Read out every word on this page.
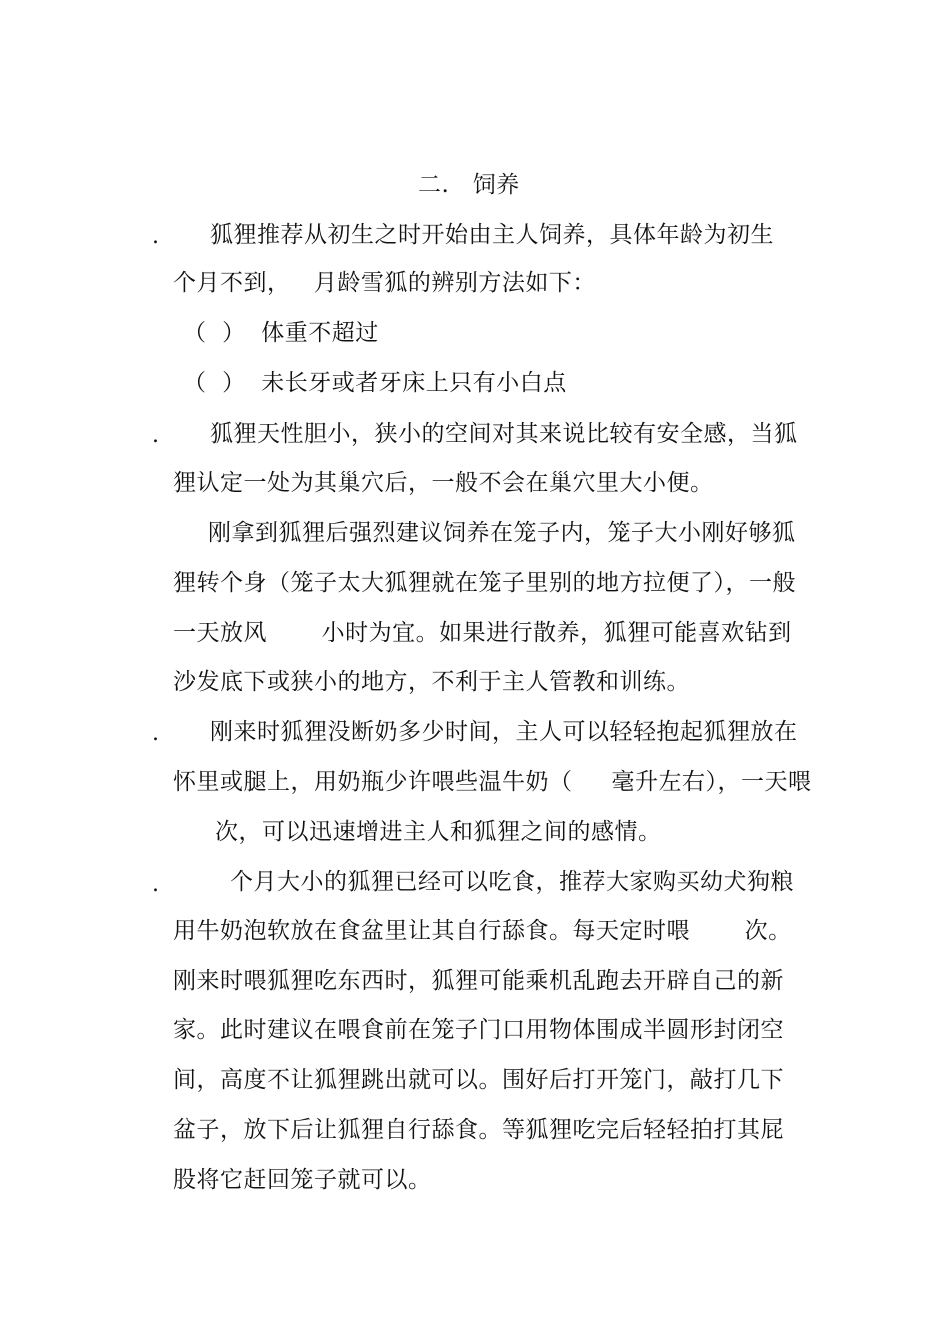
二.   饲养
. 狐狸推荐从初生之时开始由主人饲养，具体年龄为初生
个月不到，   月龄雪狐的辨别方法如下：
（  ）  体重不超过
（  ）  未长牙或者牙床上只有小白点
. 狐狸天性胆小，狭小的空间对其来说比较有安全感，当狐
狸认定一处为其巢穴后，一般不会在巢穴里大小便。
刚拿到狐狸后强烈建议饲养在笼子内，笼子大小刚好够狐
狸转个身（笼子太大狐狸就在笼子里别的地方拉便了），一般
一天放风       小时为宜。如果进行散养，狐狸可能喜欢钻到
沙发底下或狭小的地方，不利于主人管教和训练。
. 刚来时狐狸没断奶多少时间，主人可以轻轻抱起狐狸放在
怀里或腿上，用奶瓶少许喂些温牛奶（     毫升左右），一天喂
次，可以迅速增进主人和狐狸之间的感情。
.	个月大小的狐狸已经可以吃食，推荐大家购买幼犬狗粮
用牛奶泡软放在食盆里让其自行舔食。每天定时喂       次。
刚来时喂狐狸吃东西时，狐狸可能乘机乱跑去开辟自己的新
家。此时建议在喂食前在笼子门口用物体围成半圆形封闭空
间，高度不让狐狸跳出就可以。围好后打开笼门，敲打几下
盆子，放下后让狐狸自行舔食。等狐狸吃完后轻轻拍打其屁
股将它赶回笼子就可以。
